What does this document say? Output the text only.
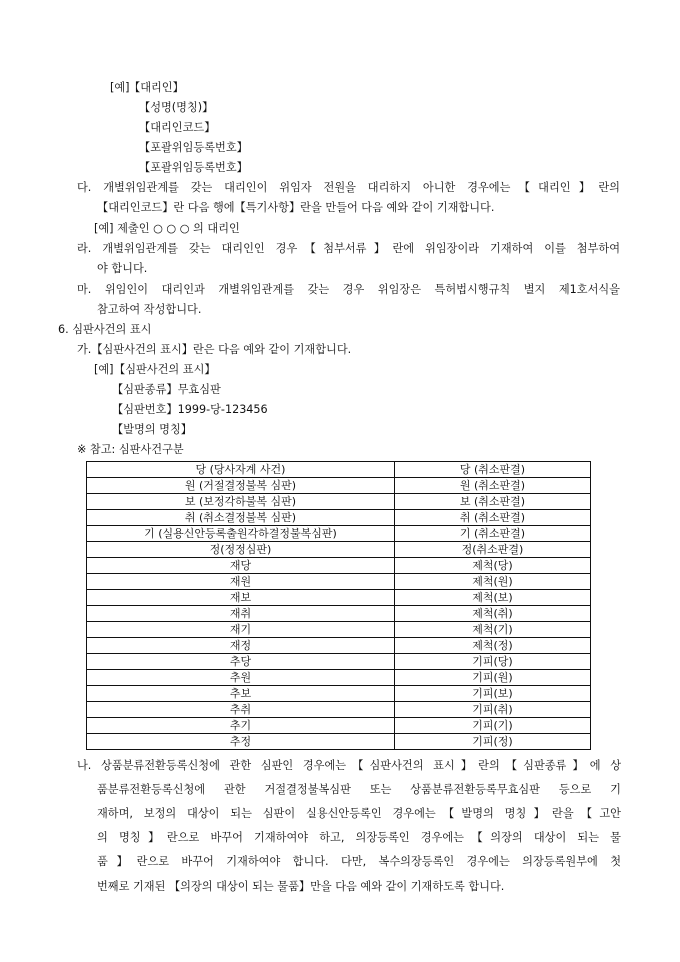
[예] 【대리인】
【성명(명칭)】
【대리인코드】
【포괄위임등록번호】
【포괄위임등록번호】
다. 개별위임관계를 갖는 대리인이 위임자 전원을 대리하지 아니한 경우에는【대리인】란의
【대리인코드】란 다음 행에【특기사항】란을 만들어 다음 예와 같이 기재합니다.
[예] 제출인 ○ ○ ○ 의 대리인
라. 개별위임관계를 갖는 대리인인 경우【첨부서류】란에 위임장이라 기재하여 이를 첨부하여
야 합니다.
마. 위임인이 대리인과 개별위임관계를 갖는 경우 위임장은 특허법시행규칙 별지 제1호서식을
참고하여 작성합니다.
6. 심판사건의 표시
가.【심판사건의 표시】란은 다음 예와 같이 기재합니다.
[예] 【심판사건의 표시】
【심판종류】무효심판
【심판번호】1999-당-123456
【발명의 명칭】
※ 참고: 심판사건구분
당 (당사자계 사건)	당 (취소판결)
원 (거절결정불복 심판)	원 (취소판결)
보 (보정각하불복 심판)	보 (취소판결)
취 (취소결정불복 심판)	취 (취소판결)
기 (실용신안등록출원각하결정불복심판)	기 (취소판결)
정(정정심판)	정(취소판결)
재당	제척(당)
재원	제척(원)
재보	제척(보)
재취	제척(취)
재기	제척(기)
재정	제척(정)
추당	기피(당)
추원	기피(원)
추보	기피(보)
추취	기피(취)
추기	기피(기)
추정	기피(정)
나. 상품분류전환등록신청에 관한 심판인 경우에는【심판사건의 표시】란의【심판종류】에 상
품분류전환등록신청에 관한 거절결정불복심판 또는 상품분류전환등록무효심판 등으로 기
재하며, 보정의 대상이 되는 심판이 실용신안등록인 경우에는【발명의 명칭】란을【고안
의 명칭】란으로 바꾸어 기재하여야 하고, 의장등록인 경우에는【의장의 대상이 되는 물
품】란으로 바꾸어 기재하여야 합니다. 다만, 복수의장등록인 경우에는 의장등록원부에 첫
번째로 기재된 【의장의 대상이 되는 물품】만을 다음 예와 같이 기재하도록 합니다.
